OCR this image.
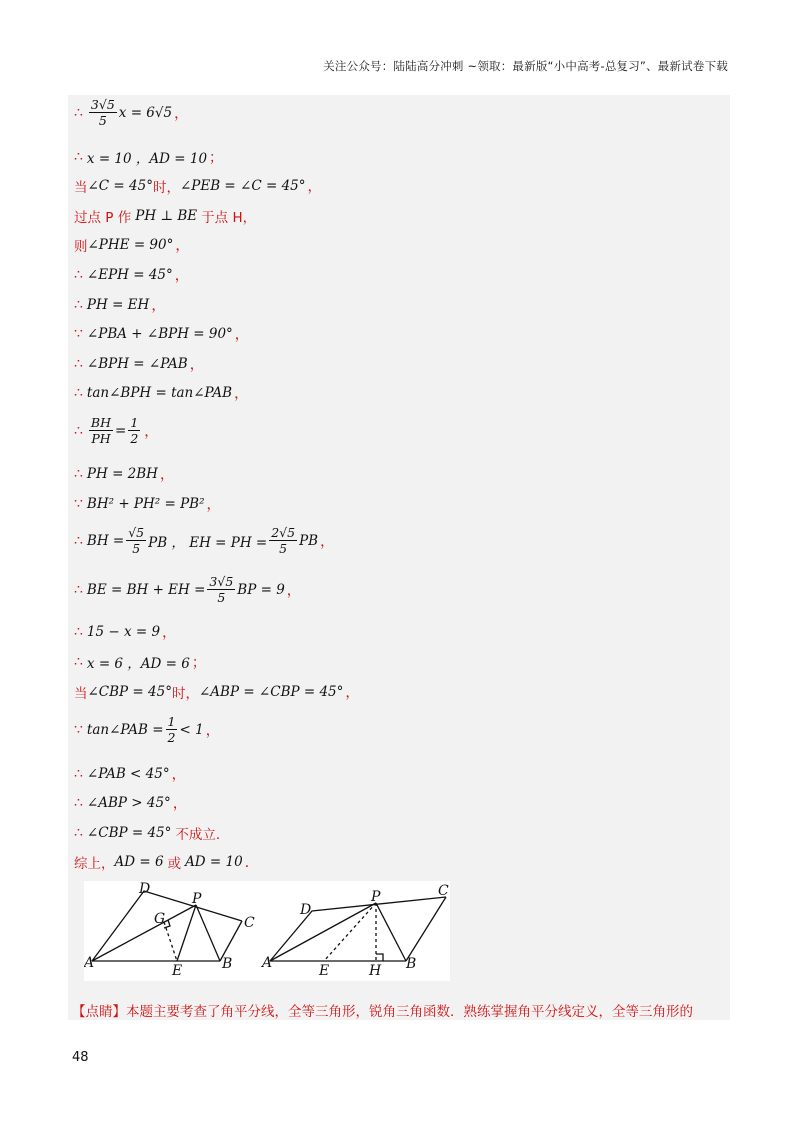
关注公众号：陆陆高分冲刺 ~领取：最新版“小中高考-总复习”、最新试卷下载
∴ $\frac{3√5}{5}$ x = 6√5 ，
∴ x = 10 ，AD = 10 ；
当 ∠C = 45° 时， ∠PEB = ∠C = 45° ，
过点 P 作 PH ⊥ BE 于点 H，
则 ∠PHE = 90° ，
∴ ∠EPH = 45° ，
∴ PH = EH ，
∵ ∠PBA + ∠BPH = 90° ，
∴ ∠BPH = ∠PAB ，
∴ tan∠BPH = tan∠PAB ，
∴ $\frac{BH}{PH} = \frac{1}{2}$ ，
∴ PH = 2BH ，
∵ BH² + PH² = PB² ，
∴ BH = $\frac{√5}{5}$ PB ， EH = PH = $\frac{2√5}{5}$ PB ，
∴ BE = BH + EH = $\frac{3√5}{5}$ BP = 9 ，
∴ 15 − x = 9 ，
∴ x = 6 ，AD = 6 ；
当 ∠CBP = 45° 时， ∠ABP = ∠CBP = 45° ，
∵ tan∠PAB = $\frac{1}{2} < 1$ ，
∴ ∠PAB < 45° ，
∴ ∠ABP > 45° ，
∴ ∠CBP = 45° 不成立．
综上， AD = 6 或 AD = 10 ．
A
D
P
C
B
E
G
A
D
P	C
B
E	H
【点睛】本题主要考查了角平分线，全等三角形，锐角三角函数．熟练掌握角平分线定义，全等三角形的
48
